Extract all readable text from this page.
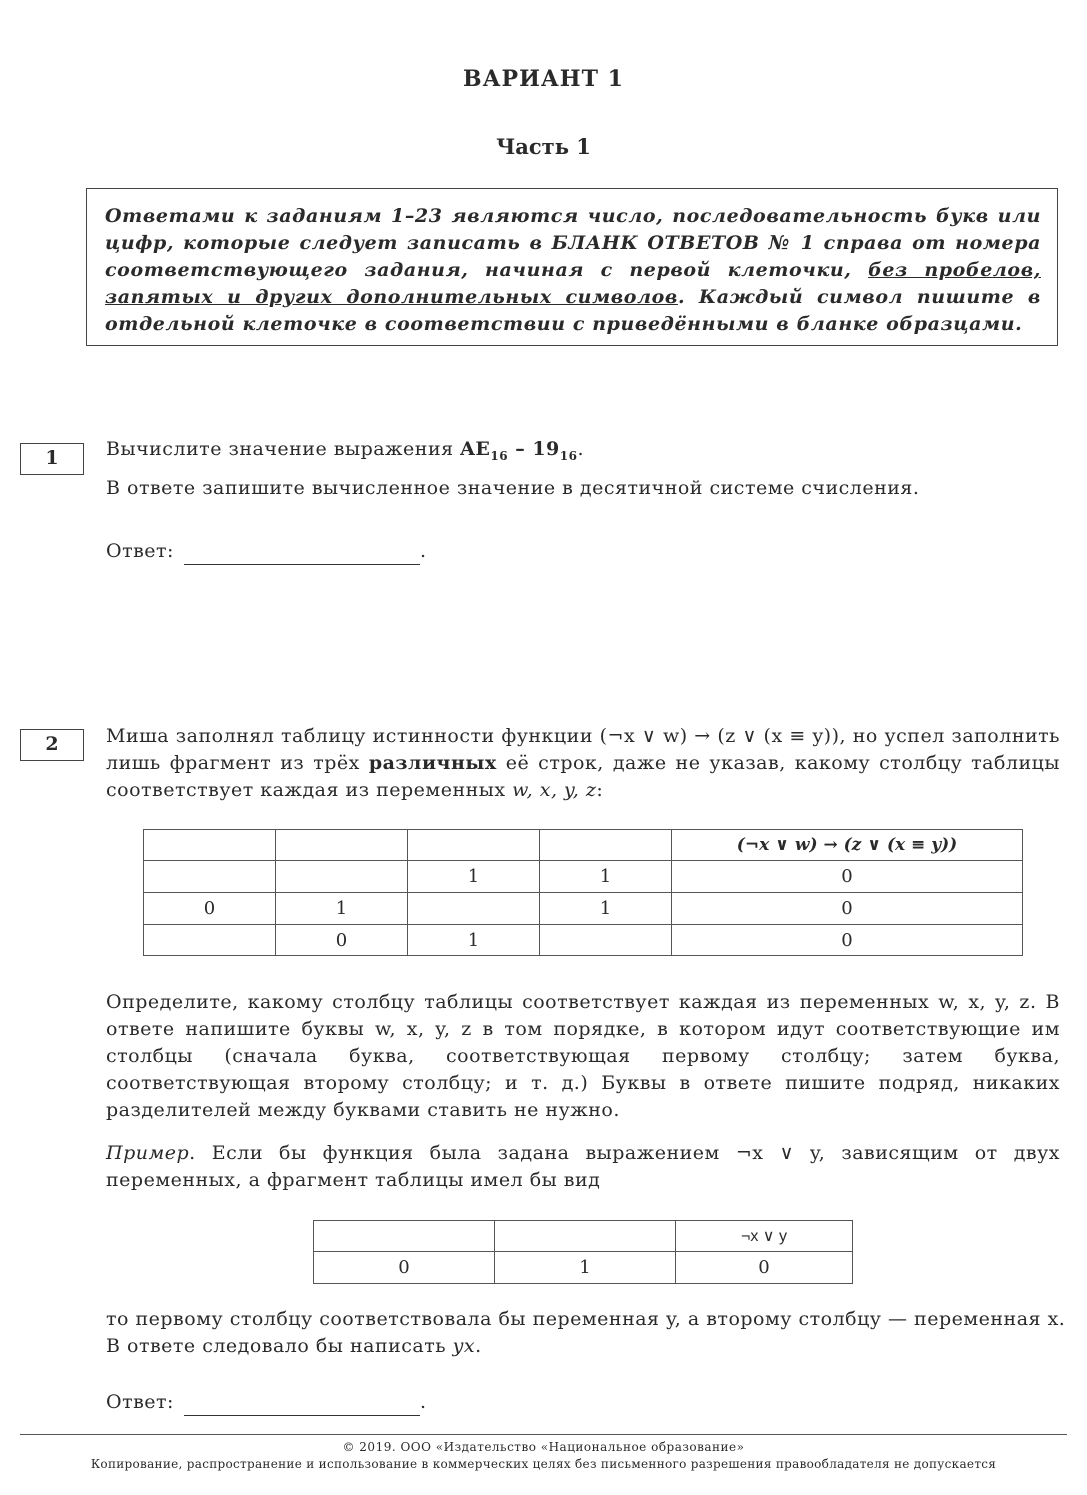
ВАРИАНТ 1
Часть 1

Ответами к заданиям 1–23 являются число, последовательность букв или цифр, которые следует записать в БЛАНК ОТВЕТОВ № 1 справа от номера соответствующего задания, начиная с первой клеточки, без пробелов, запятых и других дополнительных символов. Каждый символ пишите в отдельной клеточке в соответствии с приведёнными в бланке образцами.

1	Вычислите значение выражения $AE_{16} - 19_{16}$.
В ответе запишите вычисленное значение в десятичной системе счисления.
Ответ:	.
2	Миша заполнял таблицу истинности функции (¬x ∨ w) → (z ∨ (x ≡ y)), но успел заполнить лишь фрагмент из трёх различных её строк, даже не указав, какому столбцу таблицы соответствует каждая из переменных w, x, y, z:
				(¬x ∨ w) → (z ∨ (x ≡ y))
		1	1	0
0	1		1	0
	0	1		0
Определите, какому столбцу таблицы соответствует каждая из переменных w, x, y, z. В ответе напишите буквы w, x, y, z в том порядке, в котором идут соответствующие им столбцы (сначала буква, соответствующая первому столбцу; затем буква, соответствующая второму столбцу; и т. д.) Буквы в ответе пишите подряд, никаких разделителей между буквами ставить не нужно.
Пример. Если бы функция была задана выражением ¬x ∨ y, зависящим от двух переменных, а фрагмент таблицы имел бы вид
		¬x ∨ y
0	1	0
то первому столбцу соответствовала бы переменная y, а второму столбцу — переменная x.
В ответе следовало бы написать yx.
Ответ:	.
© 2019. ООО «Издательство «Национальное образование»
Копирование, распространение и использование в коммерческих целях без письменного разрешения правообладателя не допускается
